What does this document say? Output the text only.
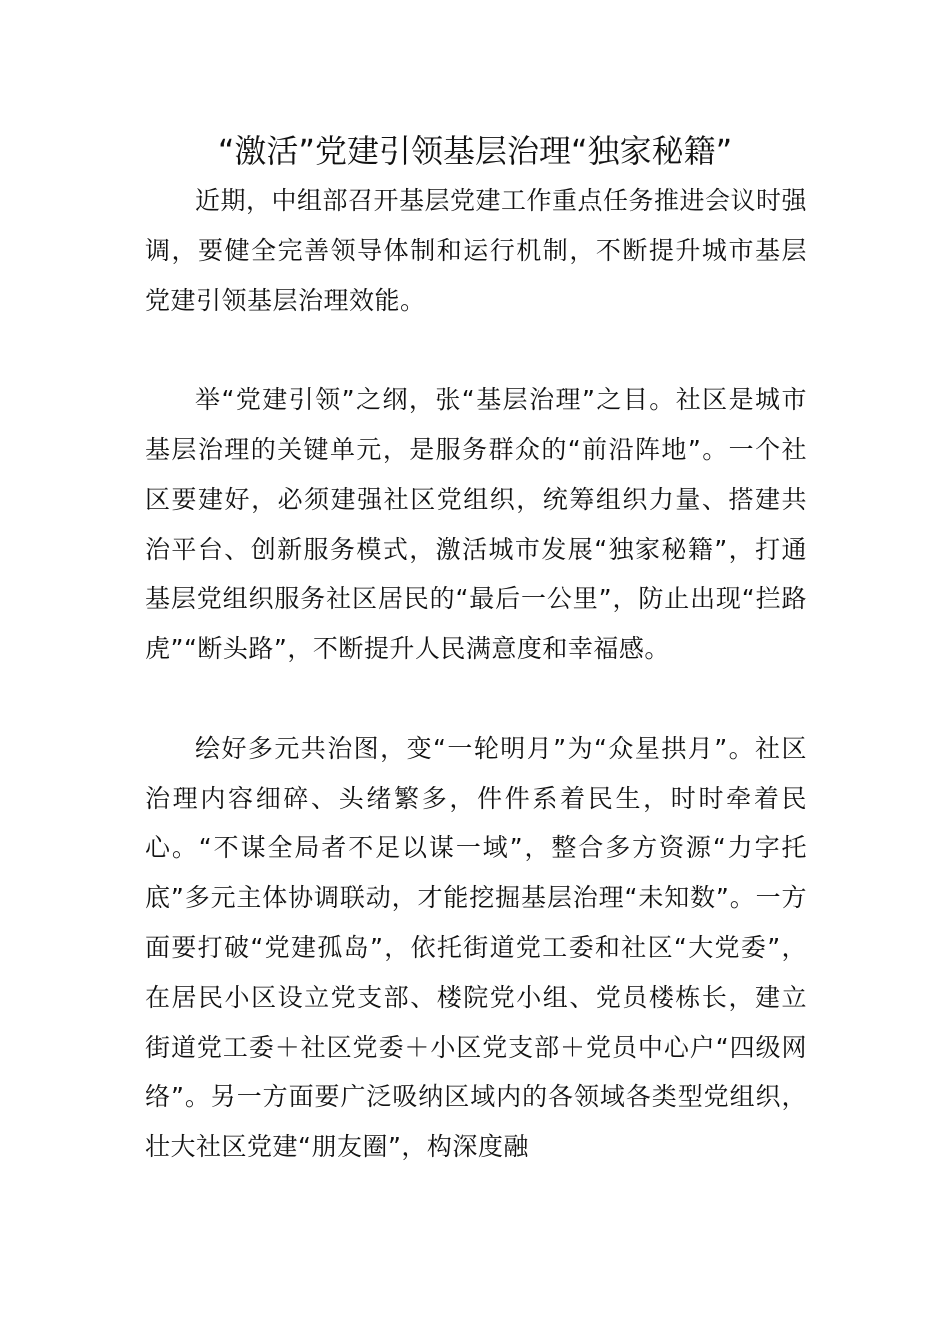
“激活”党建引领基层治理“独家秘籍”

近期，中组部召开基层党建工作重点任务推进会议时强调，要健全完善领导体制和运行机制，不断提升城市基层党建引领基层治理效能。

举“党建引领”之纲，张“基层治理”之目。社区是城市基层治理的关键单元，是服务群众的“前沿阵地”。一个社区要建好，必须建强社区党组织，统筹组织力量、搭建共治平台、创新服务模式，激活城市发展“独家秘籍”，打通基层党组织服务社区居民的“最后一公里”，防止出现“拦路虎”“断头路”，不断提升人民满意度和幸福感。

绘好多元共治图，变“一轮明月”为“众星拱月”。社区治理内容细碎、头绪繁多，件件系着民生，时时牵着民心。“不谋全局者不足以谋一域”，整合多方资源“力字托底”多元主体协调联动，才能挖掘基层治理“未知数”。一方面要打破“党建孤岛”，依托街道党工委和社区“大党委”，在居民小区设立党支部、楼院党小组、党员楼栋长，建立街道党工委＋社区党委＋小区党支部＋党员中心户“四级网络”。另一方面要广泛吸纳区域内的各领域各类型党组织，壮大社区党建“朋友圈”，构深度融
